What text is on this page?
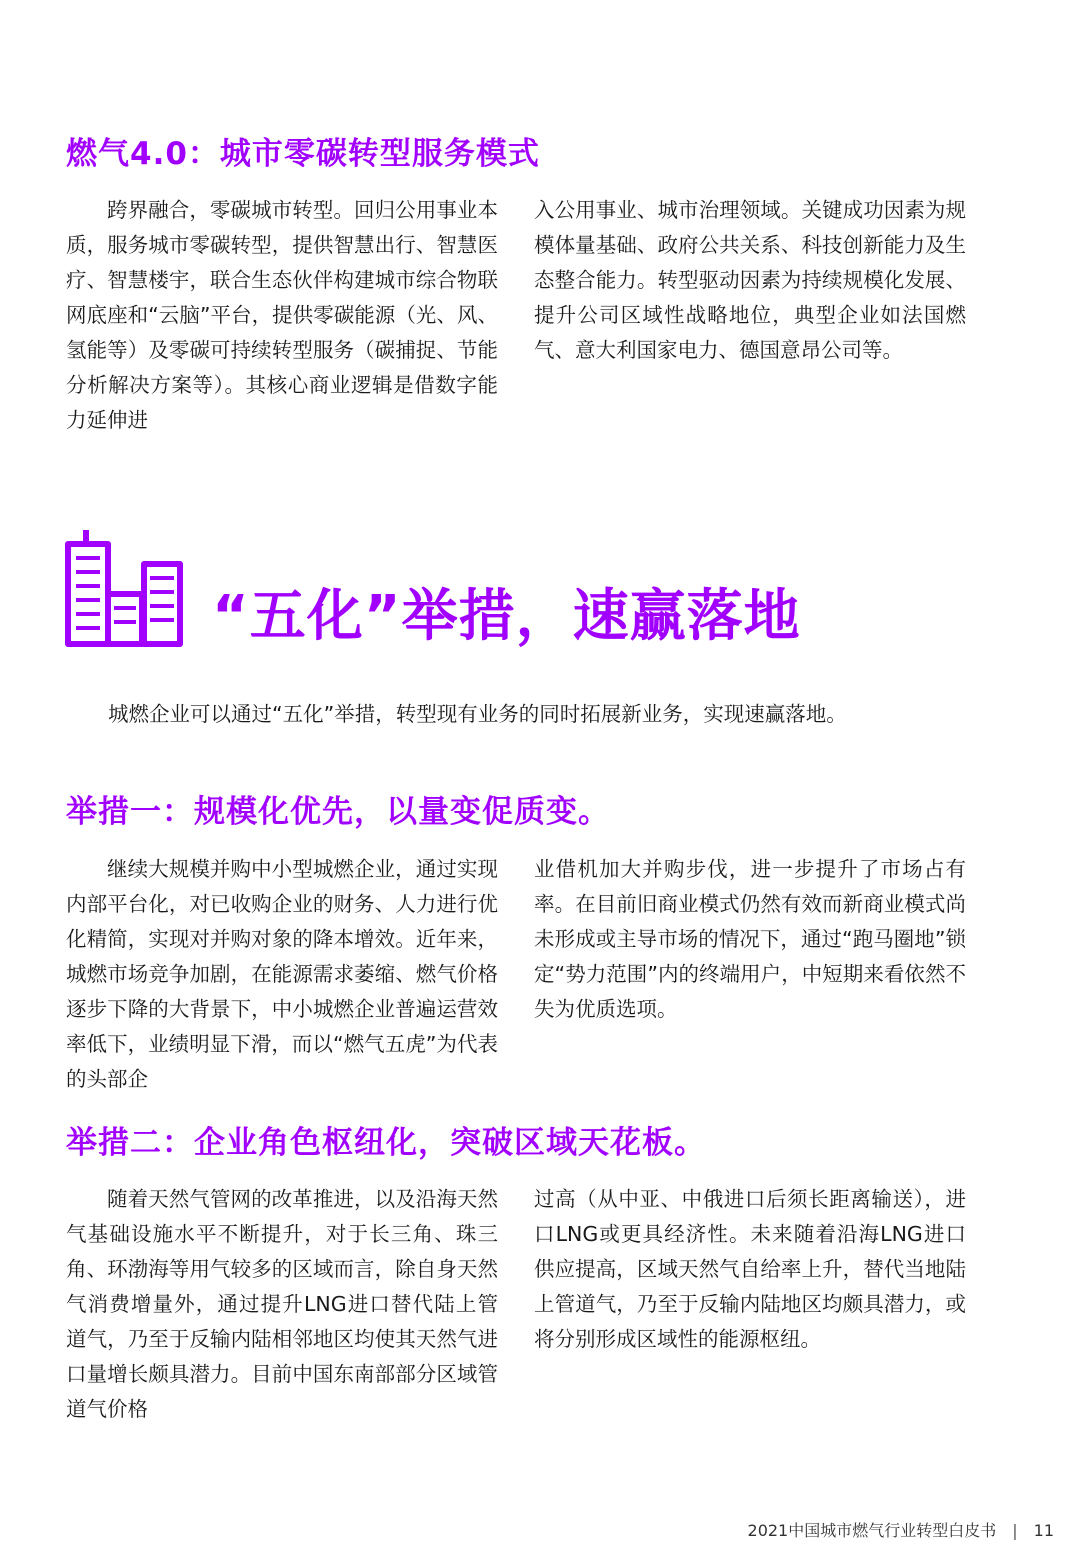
燃气4.0：城市零碳转型服务模式

跨界融合，零碳城市转型。回归公用事业本质，服务城市零碳转型，提供智慧出行、智慧医疗、智慧楼宇，联合生态伙伴构建城市综合物联网底座和“云脑”平台，提供零碳能源（光、风、氢能等）及零碳可持续转型服务（碳捕捉、节能分析解决方案等）。其核心商业逻辑是借数字能力延伸进

入公用事业、城市治理领域。关键成功因素为规模体量基础、政府公共关系、科技创新能力及生态整合能力。转型驱动因素为持续规模化发展、提升公司区域性战略地位，典型企业如法国燃气、意大利国家电力、德国意昂公司等。

“五化”举措，速赢落地

城燃企业可以通过“五化”举措，转型现有业务的同时拓展新业务，实现速赢落地。

举措一：规模化优先，以量变促质变。

继续大规模并购中小型城燃企业，通过实现内部平台化，对已收购企业的财务、人力进行优化精简，实现对并购对象的降本增效。近年来，城燃市场竞争加剧，在能源需求萎缩、燃气价格逐步下降的大背景下，中小城燃企业普遍运营效率低下，业绩明显下滑，而以“燃气五虎”为代表的头部企

业借机加大并购步伐，进一步提升了市场占有率。在目前旧商业模式仍然有效而新商业模式尚未形成或主导市场的情况下，通过“跑马圈地”锁定“势力范围”内的终端用户，中短期来看依然不失为优质选项。

举措二：企业角色枢纽化，突破区域天花板。

随着天然气管网的改革推进，以及沿海天然气基础设施水平不断提升，对于长三角、珠三角、环渤海等用气较多的区域而言，除自身天然气消费增量外，通过提升LNG进口替代陆上管道气，乃至于反输内陆相邻地区均使其天然气进口量增长颇具潜力。目前中国东南部部分区域管道气价格

过高（从中亚、中俄进口后须长距离输送），进口LNG或更具经济性。未来随着沿海LNG进口供应提高，区域天然气自给率上升，替代当地陆上管道气，乃至于反输内陆地区均颇具潜力，或将分别形成区域性的能源枢纽。

2021中国城市燃气行业转型白皮书 | 11
